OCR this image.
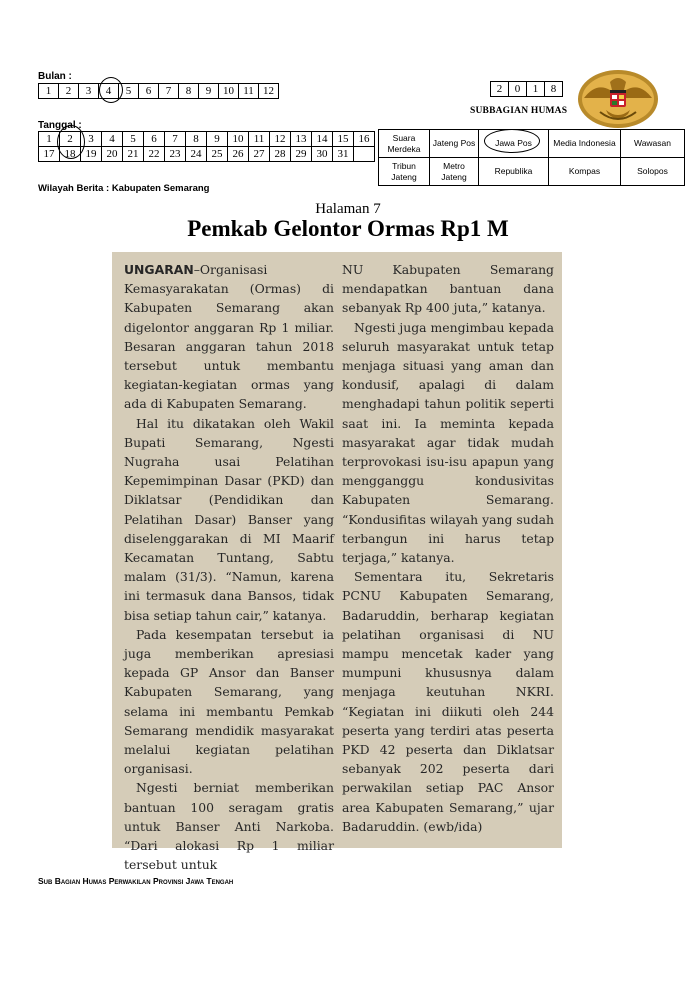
Bulan :
1	2	3	4	5	6	7	8	9	10	11	12	2	0	1	8
SUBBAGIAN HUMAS
Tanggal :
1	2	3	4	5	6	7	8	9	10	11	12	13	14	15	16
17	18	19	20	21	22	23	24	25	26	27	28	29	30	31	
Suara Merdeka	Jateng Pos	Jawa Pos	Media Indonesia	Wawasan
Tribun Jateng	Metro Jateng	Republika	Kompas	Solopos
Wilayah Berita : Kabupaten Semarang
Halaman 7
Pemkab Gelontor Ormas Rp1 M

UNGARAN–Organisasi Kemasyarakatan (Ormas) di Kabupaten Semarang akan digelontor anggaran Rp 1 miliar. Besaran anggaran tahun 2018 tersebut untuk membantu kegiatan-kegiatan ormas yang ada di Kabupaten Semarang.

Hal itu dikatakan oleh Wakil Bupati Semarang, Ngesti Nugraha usai Pelatihan Kepemimpinan Dasar (PKD) dan Diklatsar (Pendidikan dan Pelatihan Dasar) Banser yang diselenggarakan di MI Maarif Kecamatan Tuntang, Sabtu malam (31/3). “Namun, karena ini termasuk dana Bansos, tidak bisa setiap tahun cair,” katanya.

Pada kesempatan tersebut ia juga memberikan apresiasi kepada GP Ansor dan Banser Kabupaten Semarang, yang selama ini membantu Pemkab Semarang mendidik masyarakat melalui kegiatan pelatihan organisasi.

Ngesti berniat memberikan bantuan 100 seragam gratis untuk Banser Anti Narkoba. “Dari alokasi Rp 1 miliar tersebut untuk

NU Kabupaten Semarang mendapatkan bantuan dana sebanyak Rp 400 juta,” katanya.

Ngesti juga mengimbau kepada seluruh masyarakat untuk tetap menjaga situasi yang aman dan kondusif, apalagi di dalam menghadapi tahun politik seperti saat ini. Ia meminta kepada masyarakat agar tidak mudah terprovokasi isu-isu apapun yang mengganggu kondusivitas Kabupaten Semarang. “Kondusifitas wilayah yang sudah terbangun ini harus tetap terjaga,” katanya.

Sementara itu, Sekretaris PCNU Kabupaten Semarang, Badaruddin, berharap kegiatan pelatihan organisasi di NU mampu mencetak kader yang mumpuni khususnya dalam menjaga keutuhan NKRI. “Kegiatan ini diikuti oleh 244 peserta yang terdiri atas peserta PKD 42 peserta dan Diklatsar sebanyak 202 peserta dari perwakilan setiap PAC Ansor area Kabupaten Semarang,” ujar Badaruddin. (ewb/ida)

Sub Bagian Humas Perwakilan Provinsi Jawa Tengah
